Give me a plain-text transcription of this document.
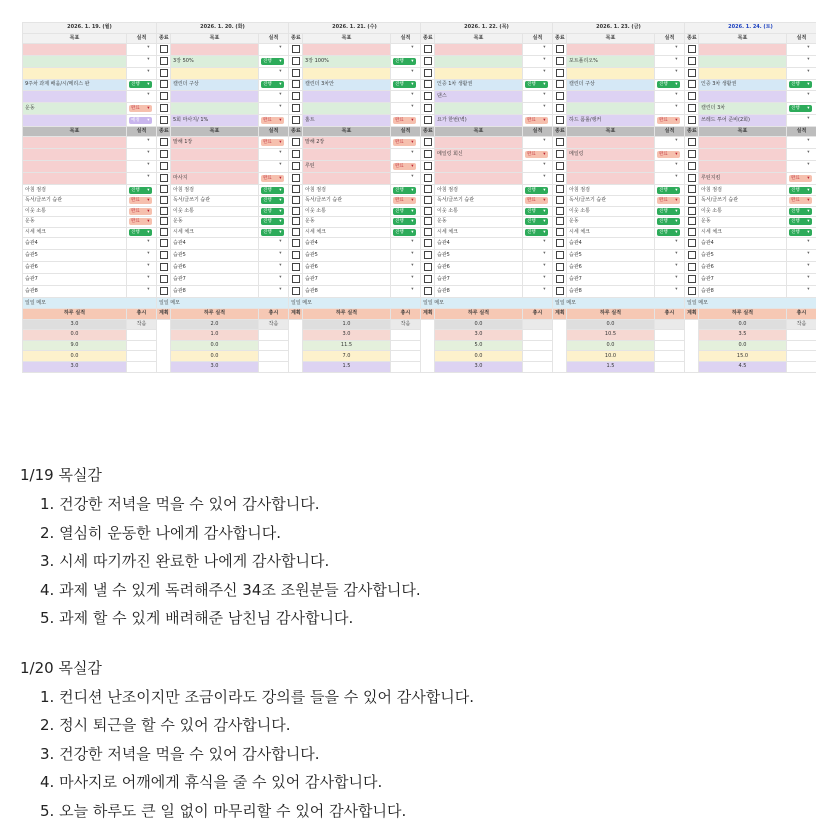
2026. 1. 19. (월)		2026. 1. 20. (화)			2026. 1. 21. (수)			2026. 1. 22. (목)			2026. 1. 23. (금)			2026. 1. 24. (토)		
목표	실적	종료	목표	실적	종료	목표	실적	종료	목표	실적	종료	목표	실적	종료	목표	실적

	▾			▾			▾			▾			▾			▾

	▾		3장 50%	진행 ▾		3장 100%	진행 ▾			▾		포트폴리오%	▾			▾

	▾			▾			▾			▾			▾			▾

9주차 과제 배움/시/메리스 완	진행 ▾		캘린더 구상	진행 ▾		캘린더 3차안	진행 ▾		인증 1차 생활권	진행 ▾		캘린더 구상	진행 ▾		인증 3차 생활권	진행 ▾

	▾			▾			▾		댄스	▾			▾			▾

운동	완료 ▾			▾			▾			▾			▾		캘린더 3차	진행 ▾

	예정 ▾		5회 마사지/ 1%	완료 ▾		홈트	완료 ▾		요가 한번(벽)	완료 ▾		하드 폼롤/랭커	완료 ▾		쓰레드 투어 준비(2회)	▾

목표	실적	종료	목표	실적	종료	목표	실적	종료	목표	실적	종료	목표	실적	종료	목표	실적

	▾		말해 1장	완료 ▾		말해 2장	완료 ▾			▾			▾			▾

	▾			▾			▾		메일링 회신	완료 ▾		메일링	완료 ▾			▾

	▾			▾		루틴	완료 ▾			▾			▾			▾

	▾		마사지	완료 ▾			▾			▾			▾		루틴지킴	완료 ▾

아침 점검	진행 ▾		아침 점검	진행 ▾		아침 점검	진행 ▾		아침 점검	진행 ▾		아침 점검	진행 ▾		아침 점검	진행 ▾

독서/글쓰기 습관	완료 ▾		독서/글쓰기 습관	진행 ▾		독서/글쓰기 습관	완료 ▾		독서/글쓰기 습관	완료 ▾		독서/글쓰기 습관	완료 ▾		독서/글쓰기 습관	완료 ▾

이웃 소통	완료 ▾		이웃 소통	진행 ▾		이웃 소통	진행 ▾		이웃 소통	진행 ▾		이웃 소통	진행 ▾		이웃 소통	진행 ▾

운동	완료 ▾		운동	진행 ▾		운동	진행 ▾		운동	진행 ▾		운동	진행 ▾		운동	진행 ▾

시세 체크	진행 ▾		시세 체크	진행 ▾		시세 체크	진행 ▾		시세 체크	진행 ▾		시세 체크	진행 ▾		시세 체크	진행 ▾

습관4	▾		습관4	▾		습관4	▾		습관4	▾		습관4	▾		습관4	▾

습관5	▾		습관5	▾		습관5	▾		습관5	▾		습관5	▾		습관5	▾

습관6	▾		습관6	▾		습관6	▾		습관6	▾		습관6	▾		습관6	▾

습관7	▾		습관7	▾		습관7	▾		습관7	▾		습관7	▾		습관7	▾

습관8	▾		습관8	▾		습관8	▾		습관8	▾		습관8	▾		습관8	▾

일일 메모		일일 메모			일일 메모			일일 메모			일일 메모			일일 메모		
하루 실적	총시	계획	하루 실적	총시	계획	하루 실적	총시	계획	하루 실적	총시	계획	하루 실적	총시	계획	하루 실적	총시
3.0	작음		2.0	작음		1.0	작음		0.0			0.0			0.0	작음
0.0			1.0			3.0			3.0			10.5			3.5	
9.0			0.0			11.5			5.0			0.0			0.0	
0.0			0.0			7.0			0.0			10.0			15.0	
3.0			3.0			1.5			3.0			1.5			4.5	
1/19 목실감
1. 건강한 저녁을 먹을 수 있어 감사합니다.
2. 열심히 운동한 나에게 감사합니다.
3. 시세 따기까진 완료한 나에게 감사합니다.
4. 과제 낼 수 있게 독려해주신 34조 조원분들 감사합니다.
5. 과제 할 수 있게 배려해준 남친님 감사합니다.
1/20 목실감
1. 컨디션 난조이지만 조금이라도 강의를 들을 수 있어 감사합니다.
2. 정시 퇴근을 할 수 있어 감사합니다.
3. 건강한 저녁을 먹을 수 있어 감사합니다.
4. 마사지로 어깨에게 휴식을 줄 수 있어 감사합니다.
5. 오늘 하루도 큰 일 없이 마무리할 수 있어 감사합니다.
